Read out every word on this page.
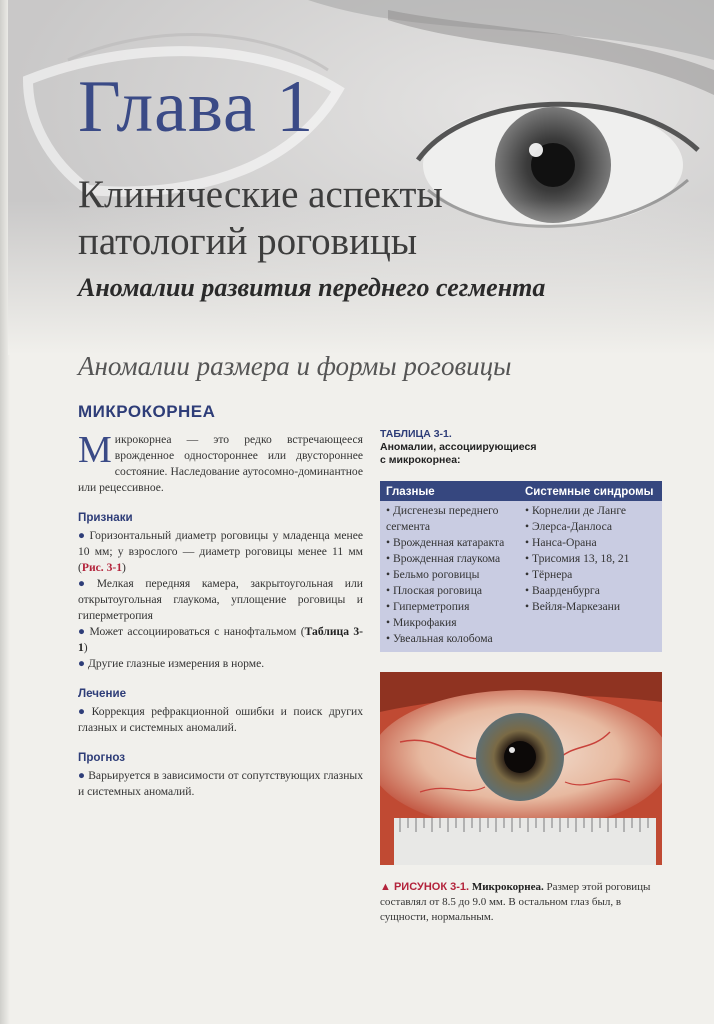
Глава 1
Клинические аспекты патологий роговицы
Аномалии развития переднего сегмента
Аномалии размера и формы роговицы
МИКРОКОРНЕА

Микрокорнеа — это редко встречающееся врожденное одностороннее или двустороннее состояние. Наследование аутосомно-доминантное или рецессивное.

Признаки

● Горизонтальный диаметр роговицы у младенца менее 10 мм; у взрослого — диаметр роговицы менее 11 мм (Рис. 3-1)

● Мелкая передняя камера, закрытоугольная или открытоугольная глаукома, уплощение роговицы и гиперметропия

● Может ассоциироваться с нанофтальмом (Таблица 3-1)

● Другие глазные измерения в норме.

Лечение

● Коррекция рефракционной ошибки и поиск других глазных и системных аномалий.

Прогноз

● Варьируется в зависимости от сопутствующих глазных и системных аномалий.

ТАБЛИЦА 3-1.
Аномалии, ассоциирующиеся
с микрокорнеа:
Глазные	Системные синдромы
• Дисгенезы переднего сегмента
• Врожденная катаракта
• Врожденная глаукома
• Бельмо роговицы
• Плоская роговица
• Гиперметропия
• Микрофакия
• Увеальная колобома
• Корнелии де Ланге
• Элерса-Данлоса
• Нанса-Орана
• Трисомия 13, 18, 21
• Тёрнера
• Ваарденбурга
• Вейля-Маркезани
▲ РИСУНОК 3-1. Микрокорнеа. Размер этой роговицы составлял от 8.5 до 9.0 мм. В остальном глаз был, в сущности, нормальным.
